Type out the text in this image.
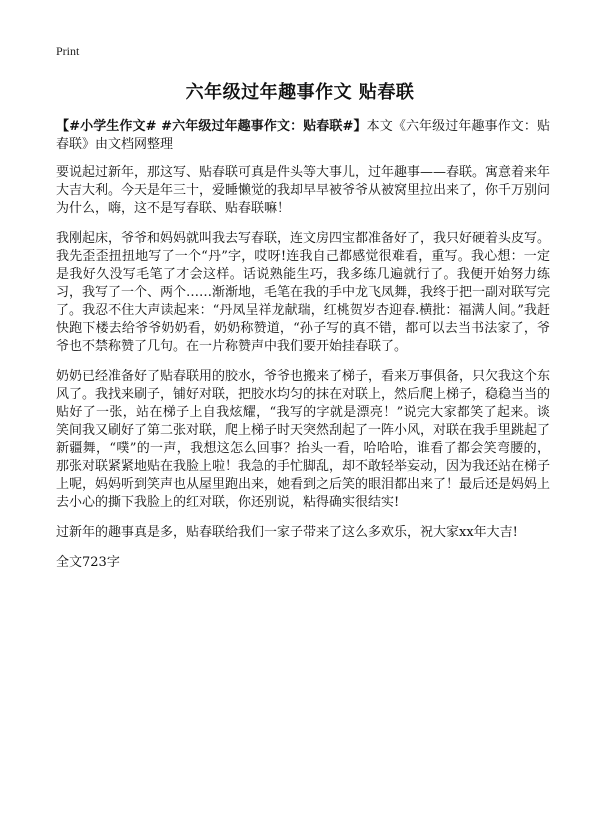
Print
六年级过年趣事作文 贴春联

【#小学生作文# #六年级过年趣事作文：贴春联#】本文《六年级过年趣事作文：贴春联》由文档网整理

要说起过新年，那这写、贴春联可真是件头等大事儿，过年趣事——春联。寓意着来年大吉大利。今天是年三十，爱睡懒觉的我却早早被爷爷从被窝里拉出来了，你千万别问为什么，嗨，这不是写春联、贴春联嘛！

我刚起床，爷爷和妈妈就叫我去写春联，连文房四宝都准备好了，我只好硬着头皮写。我先歪歪扭扭地写了一个“丹”字，哎呀!连我自己都感觉很难看，重写。我心想：一定是我好久没写毛笔了才会这样。话说熟能生巧，我多练几遍就行了。我便开始努力练习，我写了一个、两个……渐渐地，毛笔在我的手中龙飞凤舞，我终于把一副对联写完了。我忍不住大声读起来：“丹凤呈祥龙献瑞，红桃贺岁杏迎春.横批：福满人间。”我赶快跑下楼去给爷爷奶奶看，奶奶称赞道，“孙子写的真不错，都可以去当书法家了，爷爷也不禁称赞了几句。在一片称赞声中我们要开始挂春联了。

奶奶已经准备好了贴春联用的胶水，爷爷也搬来了梯子，看来万事俱备，只欠我这个东风了。我找来刷子，铺好对联，把胶水均匀的抹在对联上，然后爬上梯子，稳稳当当的贴好了一张，站在梯子上自我炫耀，“我写的字就是漂亮！”说完大家都笑了起来。谈笑间我又刷好了第二张对联，爬上梯子时天突然刮起了一阵小风，对联在我手里跳起了新疆舞，“噗”的一声，我想这怎么回事？抬头一看，哈哈哈，谁看了都会笑弯腰的，那张对联紧紧地贴在我脸上啦！我急的手忙脚乱，却不敢轻举妄动，因为我还站在梯子上呢，妈妈听到笑声也从屋里跑出来，她看到之后笑的眼泪都出来了！最后还是妈妈上去小心的撕下我脸上的红对联，你还别说，粘得确实很结实!

过新年的趣事真是多，贴春联给我们一家子带来了这么多欢乐，祝大家xx年大吉!

全文723字
